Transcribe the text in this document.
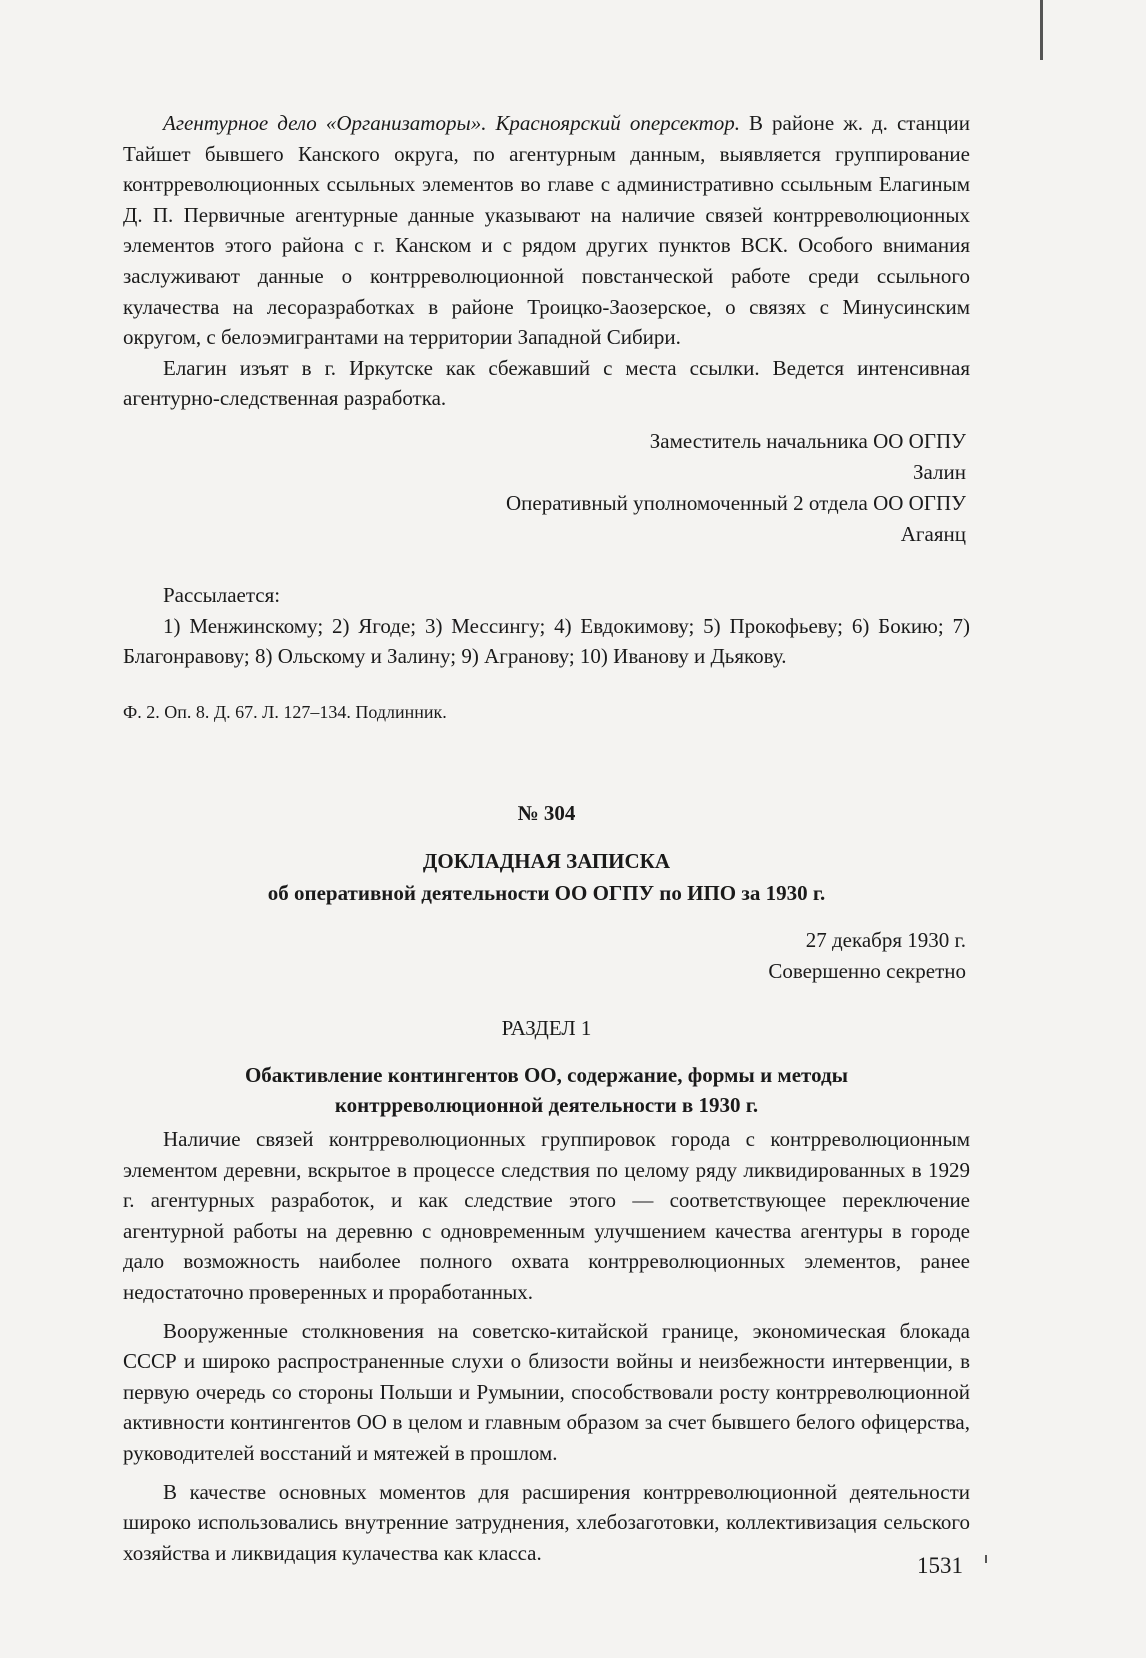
Агентурное дело «Организаторы». Красноярский оперсектор. В районе ж. д. станции Тайшет бывшего Канского округа, по агентурным данным, выявляется группирование контрреволюционных ссыльных элементов во главе с административно ссыльным Елагиным Д. П. Первичные агентурные данные указывают на наличие связей контрреволюционных элементов этого района с г. Канском и с рядом других пунктов ВСК. Особого внимания заслуживают данные о контрреволюционной повстанческой работе среди ссыльного кулачества на лесоразработках в районе Троицко-Заозерское, о связях с Минусинским округом, с белоэмигрантами на территории Западной Сибири.

Елагин изъят в г. Иркутске как сбежавший с места ссылки. Ведется интенсивная агентурно-следственная разработка.

Заместитель начальника ОО ОГПУ
Залин
Оперативный уполномоченный 2 отдела ОО ОГПУ
Агаянц

Рассылается:

1) Менжинскому; 2) Ягоде; 3) Мессингу; 4) Евдокимову; 5) Прокофьеву; 6) Бокию; 7) Благонравову; 8) Ольскому и Залину; 9) Агранову; 10) Иванову и Дьякову.

Ф. 2. Оп. 8. Д. 67. Л. 127–134. Подлинник.
№ 304
ДОКЛАДНАЯ ЗАПИСКА
об оперативной деятельности ОО ОГПУ по ИПО за 1930 г.
27 декабря 1930 г.
Совершенно секретно
РАЗДЕЛ 1
Обактивление контингентов ОО, содержание, формы и методы
контрреволюционной деятельности в 1930 г.

Наличие связей контрреволюционных группировок города с контрреволюционным элементом деревни, вскрытое в процессе следствия по целому ряду ликвидированных в 1929 г. агентурных разработок, и как следствие этого — соответствующее переключение агентурной работы на деревню с одновременным улучшением качества агентуры в городе дало возможность наиболее полного охвата контрреволюционных элементов, ранее недостаточно проверенных и проработанных.

Вооруженные столкновения на советско-китайской границе, экономическая блокада СССР и широко распространенные слухи о близости войны и неизбежности интервенции, в первую очередь со стороны Польши и Румынии, способствовали росту контрреволюционной активности контингентов ОО в целом и главным образом за счет бывшего белого офицерства, руководителей восстаний и мятежей в прошлом.

В качестве основных моментов для расширения контрреволюционной деятельности широко использовались внутренние затруднения, хлебозаготовки, коллективизация сельского хозяйства и ликвидация кулачества как класса.

1531
